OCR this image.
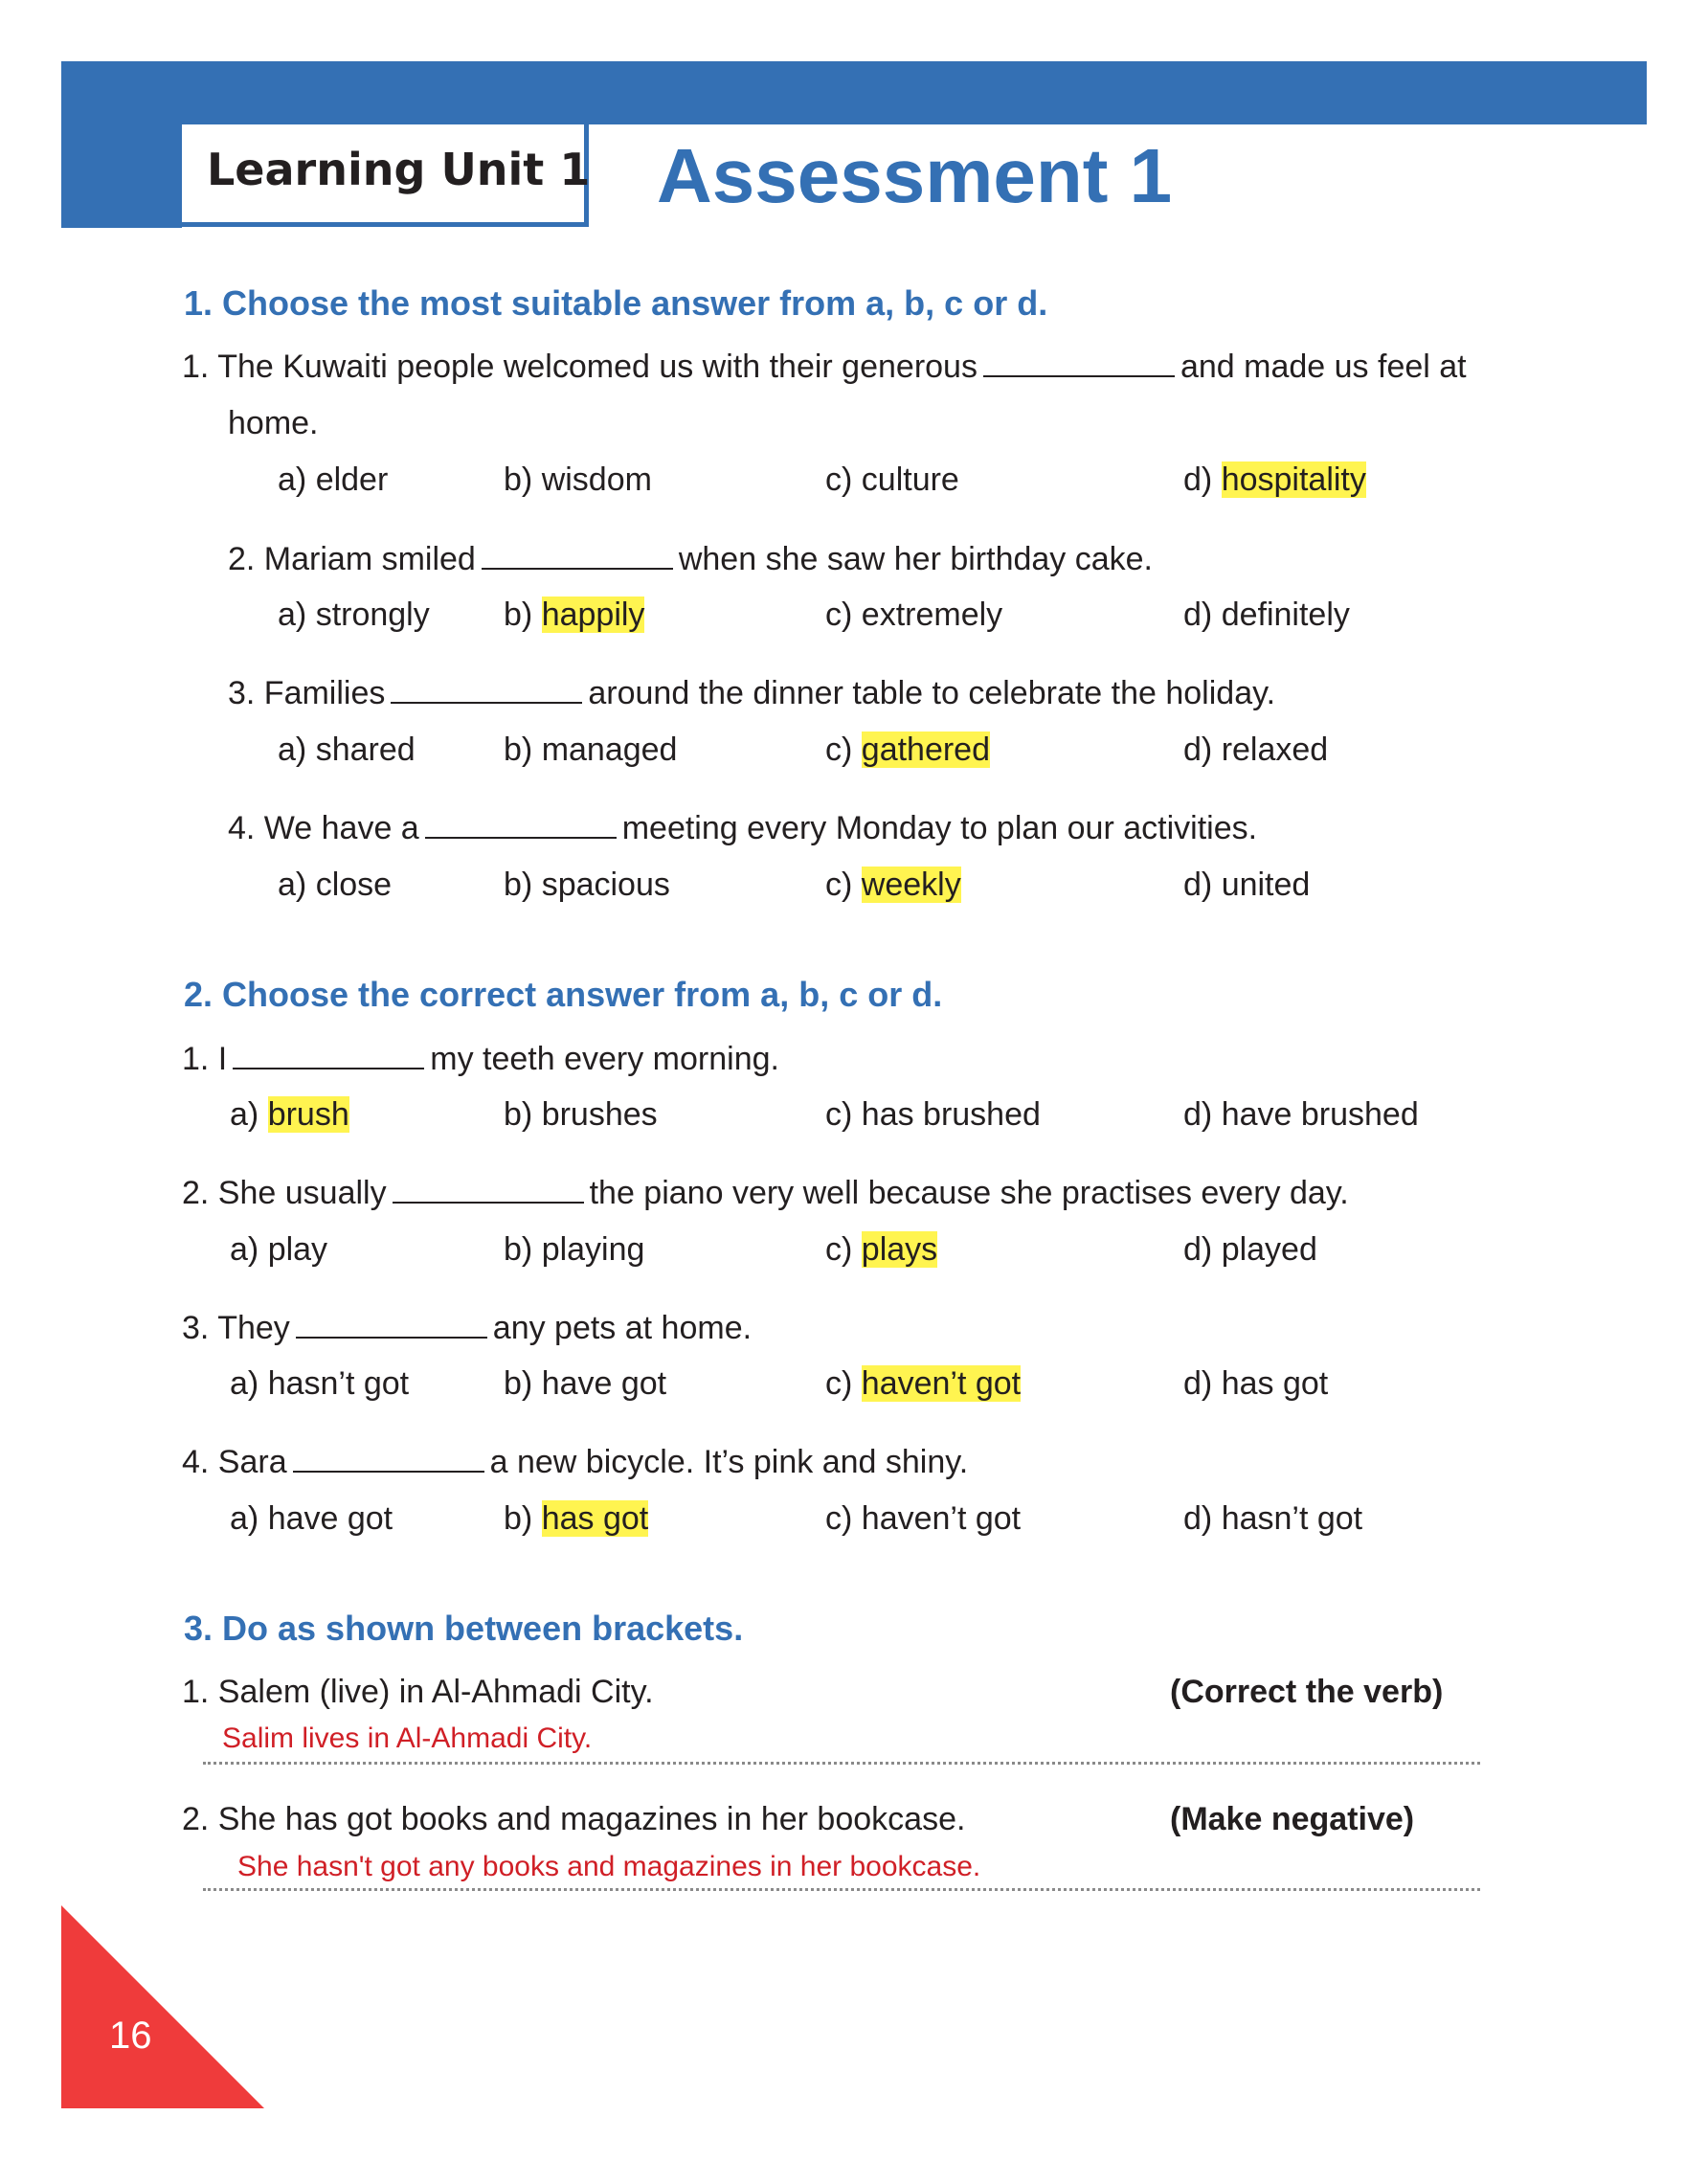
Learning Unit 1 Assessment 1
1. Choose the most suitable answer from a, b, c or d.
1. The Kuwaiti people welcomed us with their generous	and made us feel at
home.
a) elder	b) wisdom	c) culture	d) hospitality
2. Mariam smiled	when she saw her birthday cake.
a) strongly b) happily	c) extremely	d) definitely
3. Families	around the dinner table to celebrate the holiday.
a) shared	b) managed	c) gathered	d) relaxed
4. We have a	meeting every Monday to plan our activities.
a) close	b) spacious	c) weekly	d) united
2. Choose the correct answer from a, b, c or d.
1. I	my teeth every morning.
a) brush	b) brushes	c) has brushed	d) have brushed
2. She usually	the piano very well because she practises every day.
a) play	b) playing	c) plays	d) played
3. They	any pets at home.
a) hasn’t got	b) have got	c) haven’t got	d) has got
4. Sara	a new bicycle. It’s pink and shiny.
a) have got	b) has got	c) haven’t got	d) hasn’t got
3. Do as shown between brackets.
1. Salem (live) in Al-Ahmadi City.	(Correct the verb)
Salim lives in Al-Ahmadi City.
2. She has got books and magazines in her bookcase.	(Make negative)
She hasn't got any books and magazines in her bookcase.
16
